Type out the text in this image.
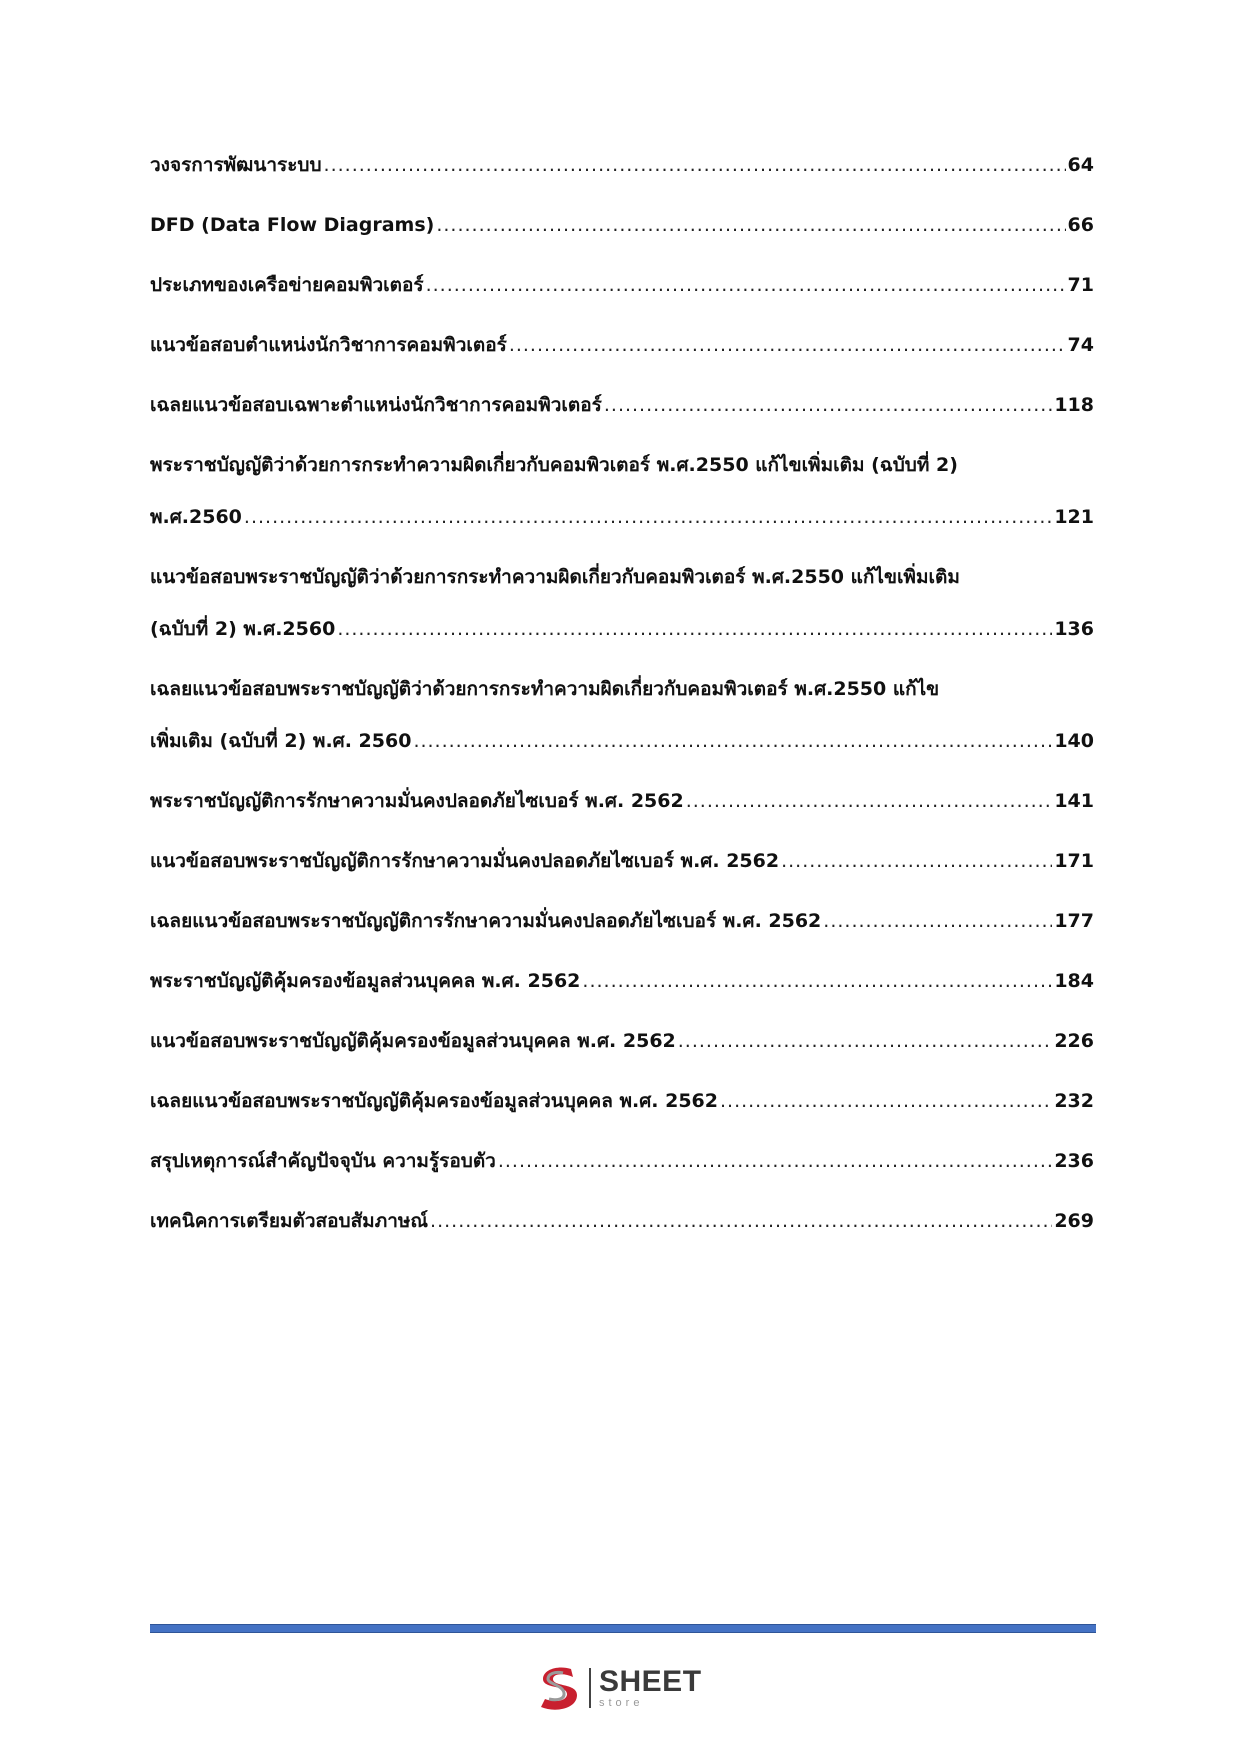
วงจรการพัฒนาระบบ .....	64
DFD (Data Flow Diagrams) .....	66
ประเภทของเครือข่ายคอมพิวเตอร์ .....	71
แนวข้อสอบตำแหน่งนักวิชาการคอมพิวเตอร์ .....	74
เฉลยแนวข้อสอบเฉพาะตำแหน่งนักวิชาการคอมพิวเตอร์ .....	118
พระราชบัญญัติว่าด้วยการกระทำความผิดเกี่ยวกับคอมพิวเตอร์ พ.ศ.2550 แก้ไขเพิ่มเติม (ฉบับที่ 2)
พ.ศ.2560 .....	121
แนวข้อสอบพระราชบัญญัติว่าด้วยการกระทำความผิดเกี่ยวกับคอมพิวเตอร์ พ.ศ.2550 แก้ไขเพิ่มเติม
(ฉบับที่ 2) พ.ศ.2560 .....	136
เฉลยแนวข้อสอบพระราชบัญญัติว่าด้วยการกระทำความผิดเกี่ยวกับคอมพิวเตอร์ พ.ศ.2550 แก้ไข
เพิ่มเติม (ฉบับที่ 2) พ.ศ. 2560 .....	140
พระราชบัญญัติการรักษาความมั่นคงปลอดภัยไซเบอร์ พ.ศ. 2562 .....	141
แนวข้อสอบพระราชบัญญัติการรักษาความมั่นคงปลอดภัยไซเบอร์ พ.ศ. 2562 .....	171
เฉลยแนวข้อสอบพระราชบัญญัติการรักษาความมั่นคงปลอดภัยไซเบอร์ พ.ศ. 2562 .....	177
พระราชบัญญัติคุ้มครองข้อมูลส่วนบุคคล พ.ศ. 2562 .....	184
แนวข้อสอบพระราชบัญญัติคุ้มครองข้อมูลส่วนบุคคล พ.ศ. 2562 .....	226
เฉลยแนวข้อสอบพระราชบัญญัติคุ้มครองข้อมูลส่วนบุคคล พ.ศ. 2562 .....	232
สรุปเหตุการณ์สำคัญปัจจุบัน ความรู้รอบตัว .....	236
เทคนิคการเตรียมตัวสอบสัมภาษณ์ .....	269
SHEET
store
